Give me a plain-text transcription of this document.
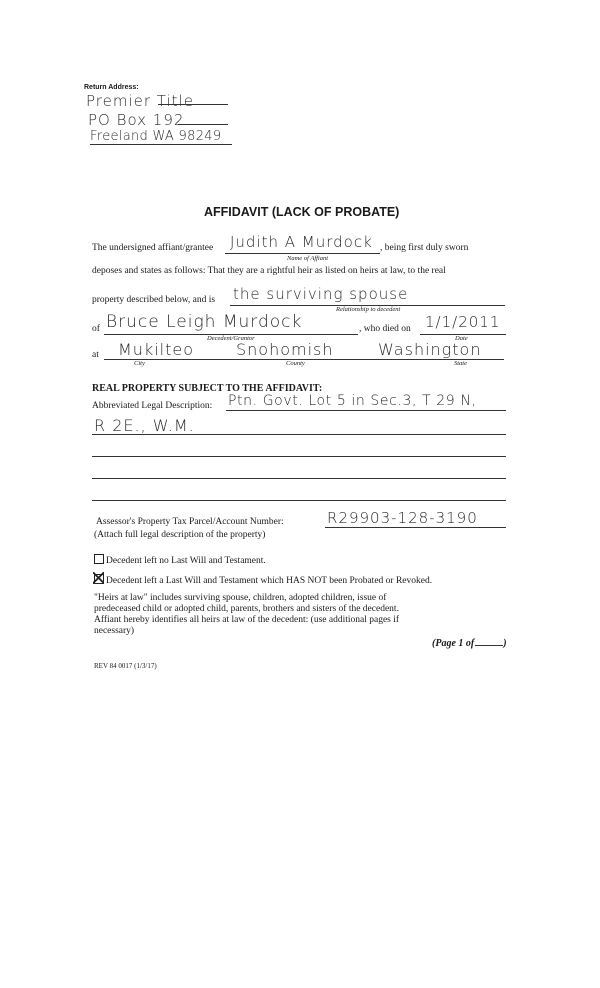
Return Address:
Premier Title
PO Box 192
Freeland WA 98249
AFFIDAVIT (LACK OF PROBATE)
The undersigned affiant/grantee Judith A Murdock , being first duly sworn
Name of Affiant
deposes and states as follows: That they are a rightful heir as listed on heirs at law, to the real
property described below, and is the surviving spouse
Relationship to decedent
of Bruce Leigh Murdock
Decedent/Grantor
, who died on 1/1/2011
Date
at Mukilteo	Snohomish	Washington
City	County	State
REAL PROPERTY SUBJECT TO THE AFFIDAVIT:
Abbreviated Legal Description: Ptn. Govt. Lot 5 in Sec.3, T 29 N,
R 2E., W.M.
Assessor's Property Tax Parcel/Account Number:	R29903-128-3190
(Attach full legal description of the property)
Decedent left no Last Will and Testament.
Decedent left a Last Will and Testament which HAS NOT been Probated or Revoked.
"Heirs at law" includes surviving spouse, children, adopted children, issue of
predeceased child or adopted child, parents, brothers and sisters of the decedent.
Affiant hereby identifies all heirs at law of the decedent: (use additional pages if
necessary)
(Page 1 of	)
REV 84 0017 (1/3/17)
